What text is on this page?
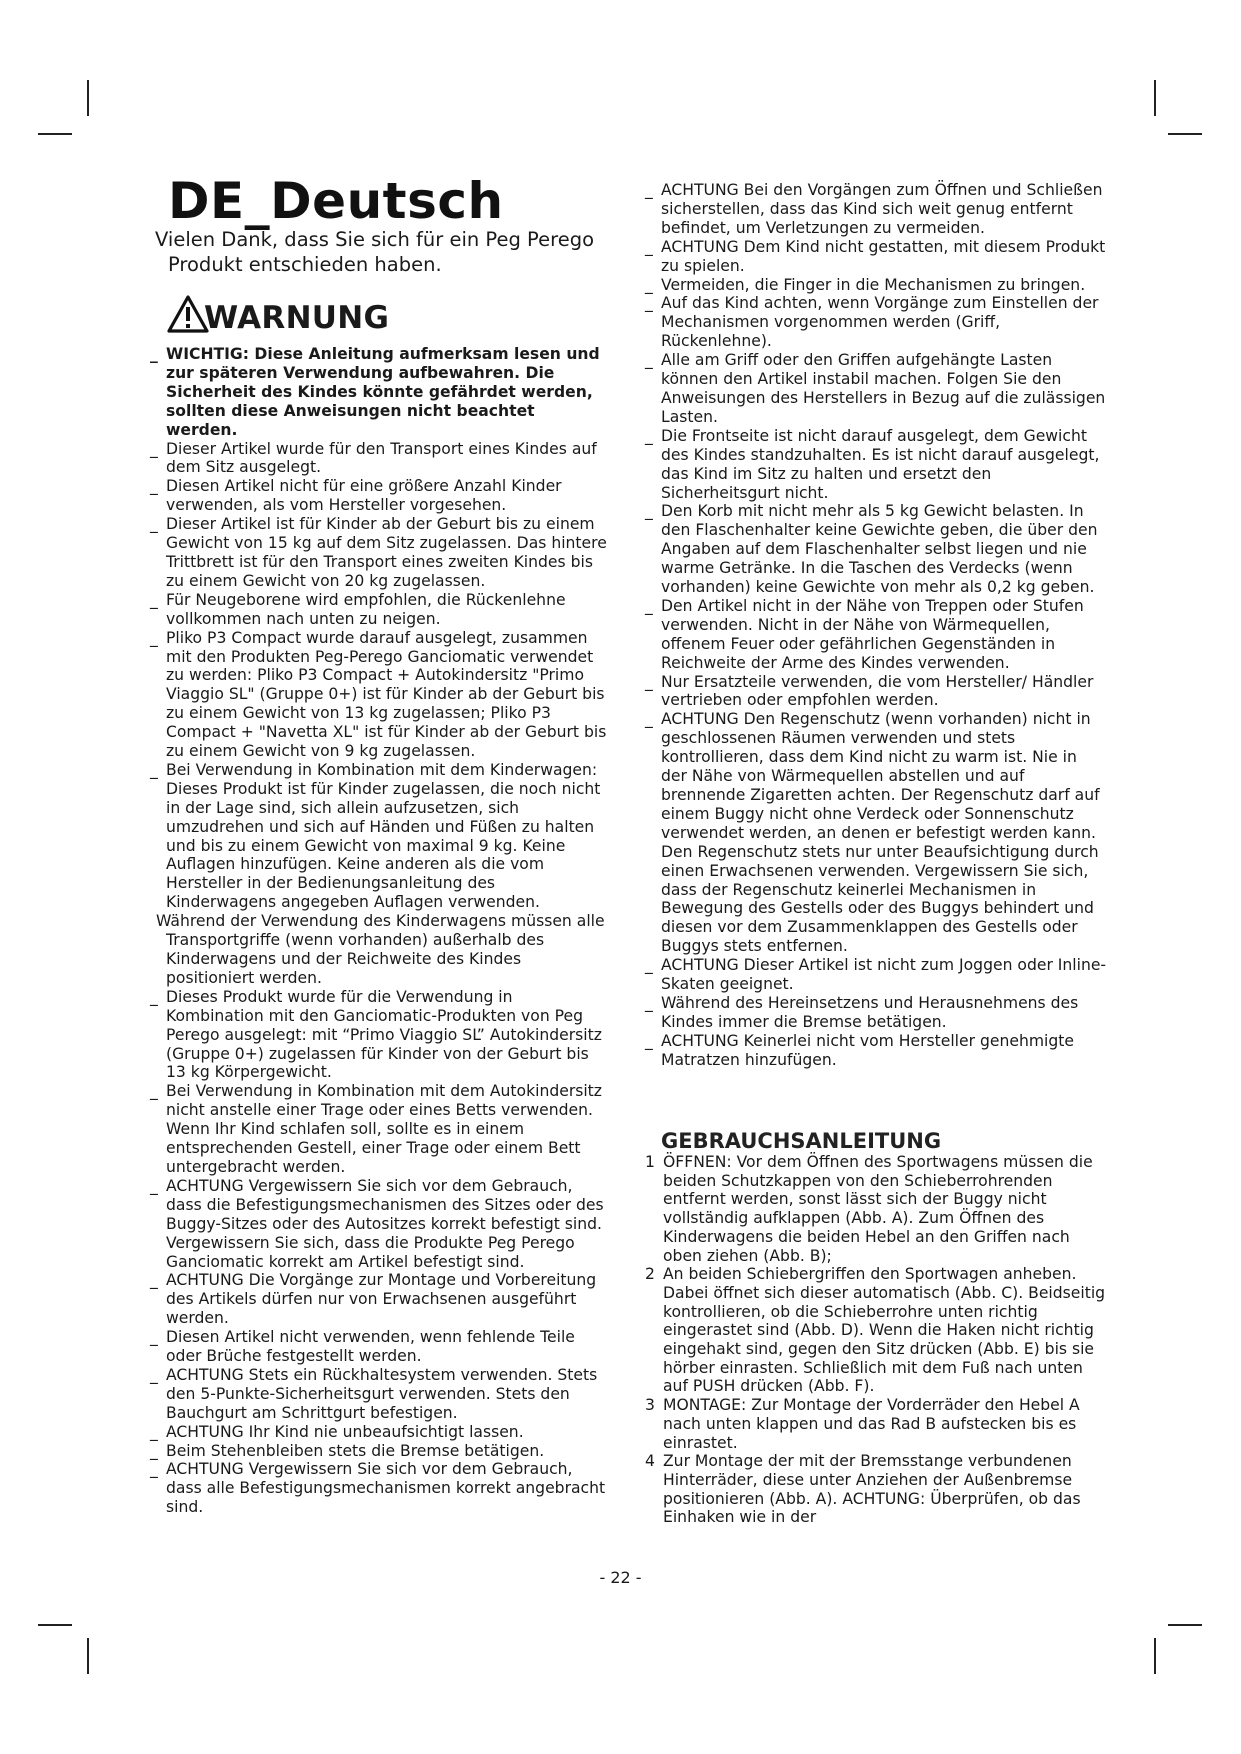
DE_Deutsch

Vielen Dank, dass Sie sich für ein Peg Perego Produkt entschieden haben.

WARNUNG
_ WICHTIG: Diese Anleitung aufmerksam lesen und zur späteren Verwendung aufbewahren. Die Sicherheit des Kindes könnte gefährdet werden, sollten diese Anweisungen nicht beachtet werden.
_ Dieser Artikel wurde für den Transport eines Kindes auf dem Sitz ausgelegt.
_ Diesen Artikel nicht für eine größere Anzahl Kinder verwenden, als vom Hersteller vorgesehen.
_ Dieser Artikel ist für Kinder ab der Geburt bis zu einem Gewicht von 15 kg auf dem Sitz zugelassen. Das hintere Trittbrett ist für den Transport eines zweiten Kindes bis zu einem Gewicht von 20 kg zugelassen.
_ Für Neugeborene wird empfohlen, die Rückenlehne vollkommen nach unten zu neigen.
_ Pliko P3 Compact wurde darauf ausgelegt, zusammen mit den Produkten Peg-Perego Ganciomatic verwendet zu werden: Pliko P3 Compact + Autokindersitz "Primo Viaggio SL" (Gruppe 0+) ist für Kinder ab der Geburt bis zu einem Gewicht von 13 kg zugelassen; Pliko P3 Compact + "Navetta XL" ist für Kinder ab der Geburt bis zu einem Gewicht von 9 kg zugelassen.
_ Bei Verwendung in Kombination mit dem Kinderwagen: Dieses Produkt ist für Kinder zugelassen, die noch nicht in der Lage sind, sich allein aufzusetzen, sich umzudrehen und sich auf Händen und Füßen zu halten und bis zu einem Gewicht von maximal 9 kg. Keine Auflagen hinzufügen. Keine anderen als die vom Hersteller in der Bedienungsanleitung des Kinderwagens angegeben Auflagen verwenden.
Während der Verwendung des Kinderwagens müssen alle Transportgriffe (wenn vorhanden) außerhalb des Kinderwagens und der Reichweite des Kindes positioniert werden.
_ Dieses Produkt wurde für die Verwendung in Kombination mit den Ganciomatic-Produkten von Peg Perego ausgelegt: mit “Primo Viaggio SL” Autokindersitz (Gruppe 0+) zugelassen für Kinder von der Geburt bis 13 kg Körpergewicht.
_ Bei Verwendung in Kombination mit dem Autokindersitz nicht anstelle einer Trage oder eines Betts verwenden.
Wenn Ihr Kind schlafen soll, sollte es in einem entsprechenden Gestell, einer Trage oder einem Bett untergebracht werden.
_ ACHTUNG Vergewissern Sie sich vor dem Gebrauch, dass die Befestigungsmechanismen des Sitzes oder des Buggy-Sitzes oder des Autositzes korrekt befestigt sind. Vergewissern Sie sich, dass die Produkte Peg Perego Ganciomatic korrekt am Artikel befestigt sind.
_ ACHTUNG Die Vorgänge zur Montage und Vorbereitung des Artikels dürfen nur von Erwachsenen ausgeführt werden.
_ Diesen Artikel nicht verwenden, wenn fehlende Teile oder Brüche festgestellt werden.
_ ACHTUNG Stets ein Rückhaltesystem verwenden. Stets den 5-Punkte-Sicherheitsgurt verwenden. Stets den Bauchgurt am Schrittgurt befestigen.
_ ACHTUNG Ihr Kind nie unbeaufsichtigt lassen.
_ Beim Stehenbleiben stets die Bremse betätigen.
_ ACHTUNG Vergewissern Sie sich vor dem Gebrauch, dass alle Befestigungsmechanismen korrekt angebracht sind.
_ ACHTUNG Bei den Vorgängen zum Öffnen und Schließen sicherstellen, dass das Kind sich weit genug entfernt befindet, um Verletzungen zu vermeiden.
_ ACHTUNG Dem Kind nicht gestatten, mit diesem Produkt zu spielen.
_ Vermeiden, die Finger in die Mechanismen zu bringen.
_ Auf das Kind achten, wenn Vorgänge zum Einstellen der Mechanismen vorgenommen werden (Griff, Rückenlehne).
_ Alle am Griff oder den Griffen aufgehängte Lasten können den Artikel instabil machen. Folgen Sie den Anweisungen des Herstellers in Bezug auf die zulässigen Lasten.
_ Die Frontseite ist nicht darauf ausgelegt, dem Gewicht des Kindes standzuhalten. Es ist nicht darauf ausgelegt, das Kind im Sitz zu halten und ersetzt den Sicherheitsgurt nicht.
_ Den Korb mit nicht mehr als 5 kg Gewicht belasten. In den Flaschenhalter keine Gewichte geben, die über den Angaben auf dem Flaschenhalter selbst liegen und nie warme Getränke. In die Taschen des Verdecks (wenn vorhanden) keine Gewichte von mehr als 0,2 kg geben.
_ Den Artikel nicht in der Nähe von Treppen oder Stufen verwenden. Nicht in der Nähe von Wärmequellen, offenem Feuer oder gefährlichen Gegenständen in Reichweite der Arme des Kindes verwenden.
_ Nur Ersatzteile verwenden, die vom Hersteller/ Händler vertrieben oder empfohlen werden.
_ ACHTUNG Den Regenschutz (wenn vorhanden) nicht in geschlossenen Räumen verwenden und stets kontrollieren, dass dem Kind nicht zu warm ist. Nie in der Nähe von Wärmequellen abstellen und auf brennende Zigaretten achten. Der Regenschutz darf auf einem Buggy nicht ohne Verdeck oder Sonnenschutz verwendet werden, an denen er befestigt werden kann. Den Regenschutz stets nur unter Beaufsichtigung durch einen Erwachsenen verwenden. Vergewissern Sie sich, dass der Regenschutz keinerlei Mechanismen in Bewegung des Gestells oder des Buggys behindert und diesen vor dem Zusammenklappen des Gestells oder Buggys stets entfernen.
_ ACHTUNG Dieser Artikel ist nicht zum Joggen oder Inline-Skaten geeignet.
_ Während des Hereinsetzens und Herausnehmens des Kindes immer die Bremse betätigen.
_ ACHTUNG Keinerlei nicht vom Hersteller genehmigte Matratzen hinzufügen.
GEBRAUCHSANLEITUNG
1 ÖFFNEN: Vor dem Öffnen des Sportwagens müssen die beiden Schutzkappen von den Schieberrohrenden entfernt werden, sonst lässt sich der Buggy nicht vollständig aufklappen (Abb. A). Zum Öffnen des Kinderwagens die beiden Hebel an den Griffen nach oben ziehen (Abb. B);
2 An beiden Schiebergriffen den Sportwagen anheben. Dabei öffnet sich dieser automatisch (Abb. C). Beidseitig kontrollieren, ob die Schieberrohre unten richtig eingerastet sind (Abb. D). Wenn die Haken nicht richtig eingehakt sind, gegen den Sitz drücken (Abb. E) bis sie hörber einrasten. Schließlich mit dem Fuß nach unten auf PUSH drücken (Abb. F).
3 MONTAGE: Zur Montage der Vorderräder den Hebel A nach unten klappen und das Rad B aufstecken bis es einrastet.
4 Zur Montage der mit der Bremsstange verbundenen Hinterräder, diese unter Anziehen der Außenbremse positionieren (Abb. A). ACHTUNG: Überprüfen, ob das Einhaken wie in der

- 22 -
